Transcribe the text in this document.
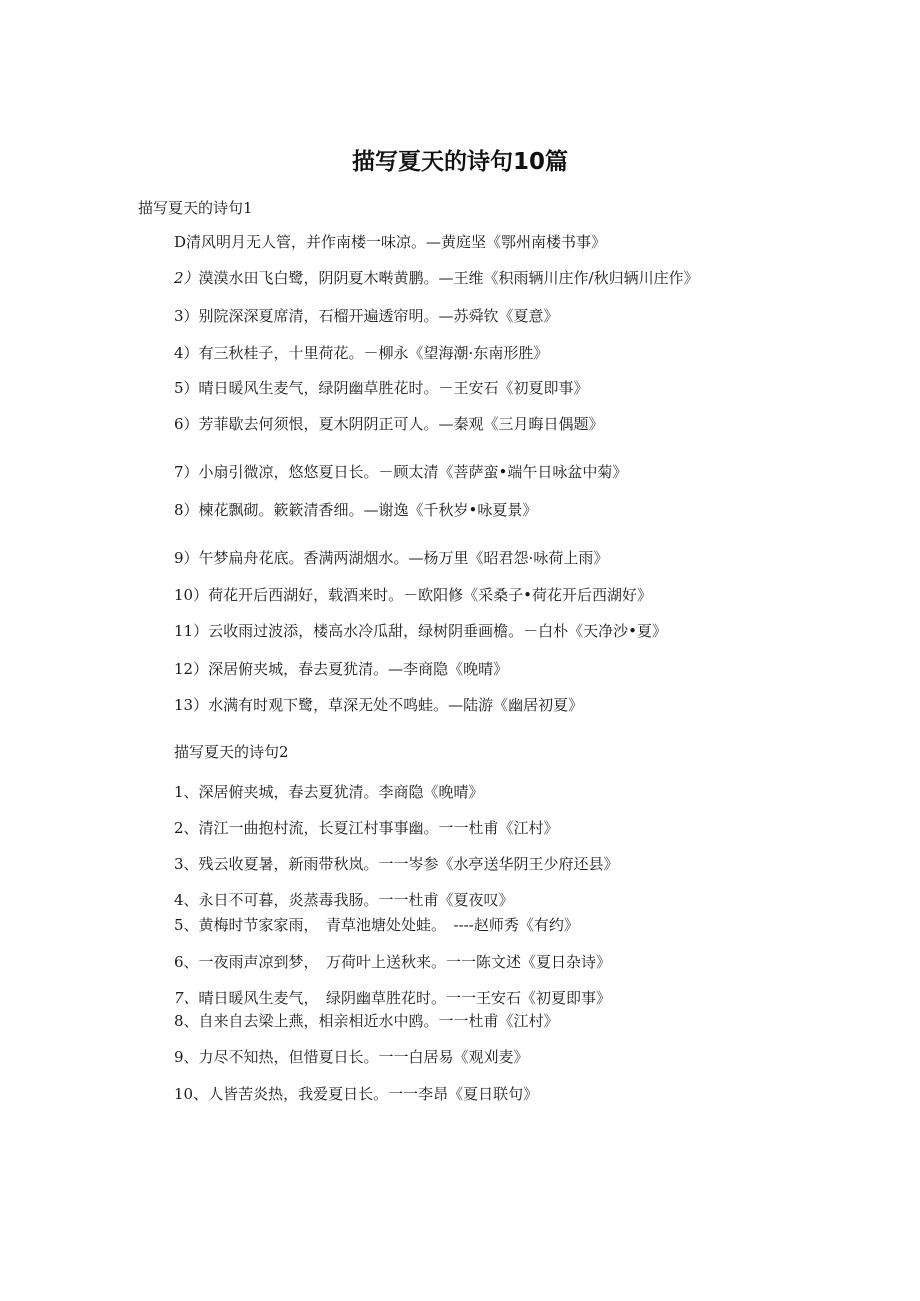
描写夏天的诗句10篇
描写夏天的诗句1
D清风明月无人管，并作南楼一味凉。—黄庭坚《鄂州南楼书事》
2）漠漠水田飞白鹭，阴阴夏木啭黄鹏。—王维《积雨辆川庄作/秋归辆川庄作》
3）别院深深夏席清，石榴开遍透帘明。—苏舜钦《夏意》
4）有三秋桂子，十里荷花。－柳永《望海潮·东南形胜》
5）晴日暖风生麦气，绿阴幽草胜花时。－王安石《初夏即事》
6）芳菲歇去何须恨，夏木阴阴正可人。—秦观《三月晦日偶题》
7）小扇引微凉，悠悠夏日长。－顾太清《菩萨蛮•端午日咏盆中菊》
8）楝花飘砌。簌簌清香细。—谢逸《千秋岁•咏夏景》
9）午梦扁舟花底。香满两湖烟水。—杨万里《昭君怨·咏荷上雨》
10）荷花开后西湖好，载酒来时。－欧阳修《采桑子•荷花开后西湖好》
11）云收雨过波添，楼高水冷瓜甜，绿树阴垂画檐。－白朴《天净沙•夏》
12）深居俯夹城，春去夏犹清。—李商隐《晚晴》
13）水满有时观下鹭，草深无处不鸣蛙。—陆游《幽居初夏》
描写夏天的诗句2
1、深居俯夹城，春去夏犹清。李商隐《晚晴》
2、清江一曲抱村流，长夏江村事事幽。一一杜甫《江村》
3、残云收夏暑，新雨带秋岚。一一岑参《水亭送华阴王少府还县》
4、永日不可暮，炎蒸毒我肠。一一杜甫《夏夜叹》
5、黄梅时节家家雨，　青草池塘处处蛙。　----赵师秀《有约》
6、一夜雨声凉到梦，　万荷叶上送秋来。一一陈文述《夏日杂诗》
7、晴日暖风生麦气，　绿阴幽草胜花时。一一王安石《初夏即事》
8、自来自去梁上燕，相亲相近水中鸥。一一杜甫《江村》
9、力尽不知热，但惜夏日长。一一白居易《观刈麦》
10、人皆苦炎热，我爱夏日长。一一李昂《夏日联句》
